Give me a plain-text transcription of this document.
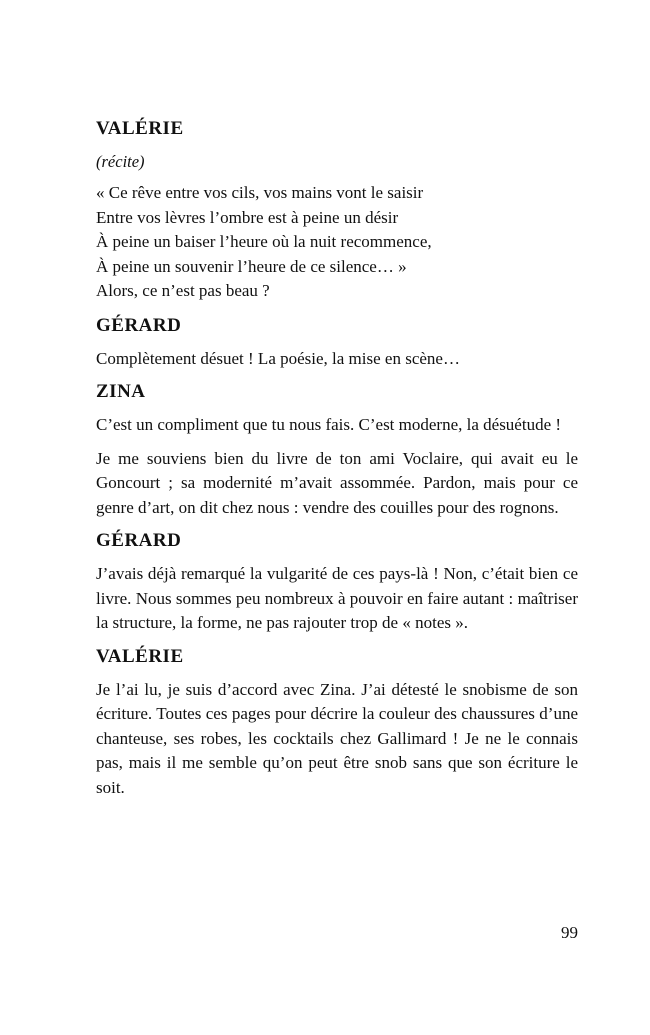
VALÉRIE
(récite)

« Ce rêve entre vos cils, vos mains vont le saisir

Entre vos lèvres l’ombre est à peine un désir

À peine un baiser l’heure où la nuit recommence,

À peine un souvenir l’heure de ce silence… »

Alors, ce n’est pas beau ?

GÉRARD

Complètement désuet ! La poésie, la mise en scène…

ZINA

C’est un compliment que tu nous fais. C’est moderne, la désuétude !

Je me souviens bien du livre de ton ami Voclaire, qui avait eu le Goncourt ; sa modernité m’avait assommée. Pardon, mais pour ce genre d’art, on dit chez nous : vendre des couilles pour des rognons.

GÉRARD

J’avais déjà remarqué la vulgarité de ces pays-là ! Non, c’était bien ce livre. Nous sommes peu nombreux à pouvoir en faire autant : maîtriser la structure, la forme, ne pas rajouter trop de « notes ».

VALÉRIE

Je l’ai lu, je suis d’accord avec Zina. J’ai détesté le snobisme de son écriture. Toutes ces pages pour décrire la couleur des chaussures d’une chanteuse, ses robes, les cocktails chez Gallimard ! Je ne le connais pas, mais il me semble qu’on peut être snob sans que son écriture le soit.

99
